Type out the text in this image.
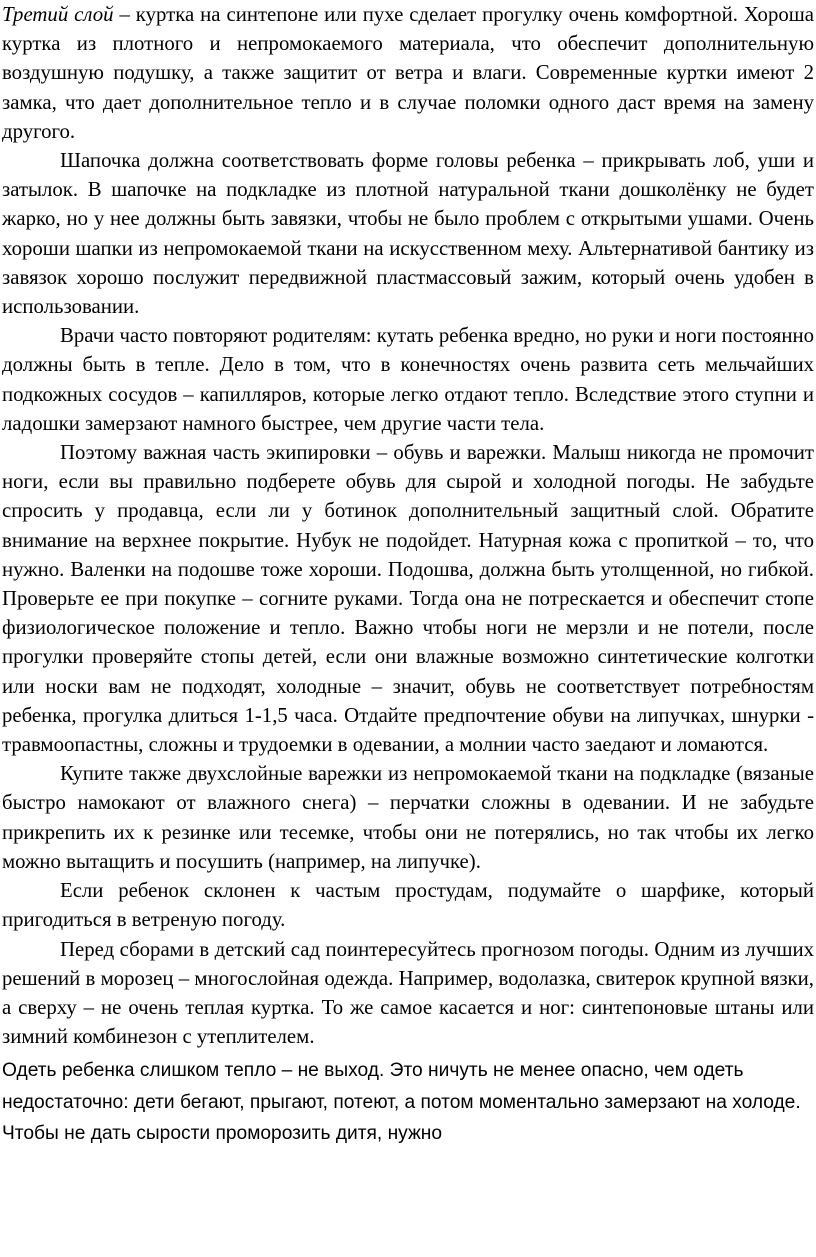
Третий слой – куртка на синтепоне или пухе сделает прогулку очень комфортной. Хороша куртка из плотного и непромокаемого материала, что обеспечит дополнительную воздушную подушку, а также защитит от ветра и влаги. Современные куртки имеют 2 замка, что дает дополнительное тепло и в случае поломки одного даст время на замену другого.

Шапочка должна соответствовать форме головы ребенка – прикрывать лоб, уши и затылок. В шапочке на подкладке из плотной натуральной ткани дошколёнку не будет жарко, но у нее должны быть завязки, чтобы не было проблем с открытыми ушами. Очень хороши шапки из непромокаемой ткани на искусственном меху. Альтернативой бантику из завязок хорошо послужит передвижной пластмассовый зажим, который очень удобен в использовании.

Врачи часто повторяют родителям: кутать ребенка вредно, но руки и ноги постоянно должны быть в тепле. Дело в том, что в конечностях очень развита сеть мельчайших подкожных сосудов – капилляров, которые легко отдают тепло. Вследствие этого ступни и ладошки замерзают намного быстрее, чем другие части тела.

Поэтому важная часть экипировки – обувь и варежки. Малыш никогда не промочит ноги, если вы правильно подберете обувь для сырой и холодной погоды. Не забудьте спросить у продавца, если ли у ботинок дополнительный защитный слой. Обратите внимание на верхнее покрытие. Нубук не подойдет. Натурная кожа с пропиткой – то, что нужно. Валенки на подошве тоже хороши. Подошва, должна быть утолщенной, но гибкой. Проверьте ее при покупке – согните руками. Тогда она не потрескается и обеспечит стопе физиологическое положение и тепло. Важно чтобы ноги не мерзли и не потели, после прогулки проверяйте стопы детей, если они влажные возможно синтетические колготки или носки вам не подходят, холодные – значит, обувь не соответствует потребностям ребенка, прогулка длиться 1-1,5 часа. Отдайте предпочтение обуви на липучках, шнурки - травмоопастны, сложны и трудоемки в одевании, а молнии часто заедают и ломаются.

Купите также двухслойные варежки из непромокаемой ткани на подкладке (вязаные быстро намокают от влажного снега) – перчатки сложны в одевании. И не забудьте прикрепить их к резинке или тесемке, чтобы они не потерялись, но так чтобы их легко можно вытащить и посушить (например, на липучке).

Если ребенок склонен к частым простудам, подумайте о шарфике, который пригодиться в ветреную погоду.

Перед сборами в детский сад поинтересуйтесь прогнозом погоды. Одним из лучших решений в морозец – многослойная одежда. Например, водолазка, свитерок крупной вязки, а сверху – не очень теплая куртка. То же самое касается и ног: синтепоновые штаны или зимний комбинезон с утеплителем.

Одеть ребенка слишком тепло – не выход. Это ничуть не менее опасно, чем одеть недостаточно: дети бегают, прыгают, потеют, а потом моментально замерзают на холоде. Чтобы не дать сырости проморозить дитя, нужно
